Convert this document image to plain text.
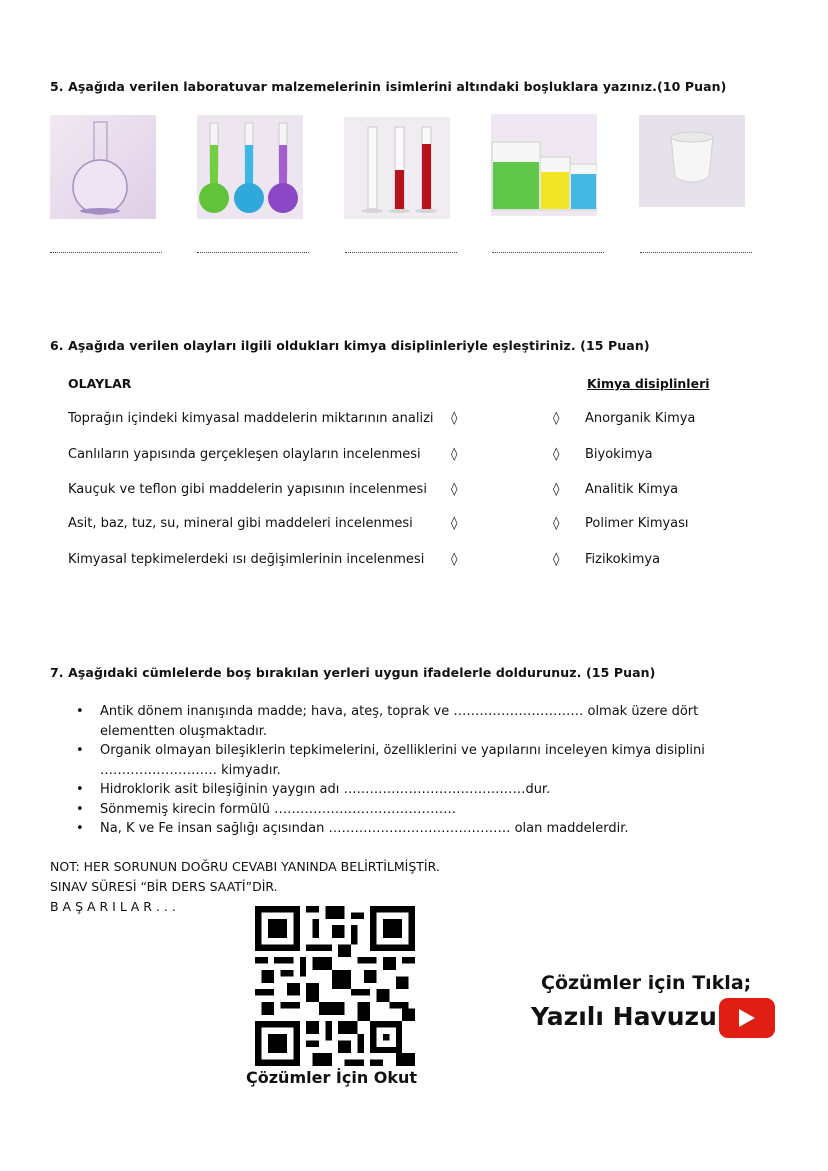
5. Aşağıda verilen laboratuvar malzemelerinin isimlerini altındaki boşluklara yazınız.(10 Puan)
6. Aşağıda verilen olayları ilgili oldukları kimya disiplinleriyle eşleştiriniz. (15 Puan)
OLAYLAR	Kimya disiplinleri
Toprağın içindeki kimyasal maddelerin miktarının analizi
Canlıların yapısında gerçekleşen olayların incelenmesi
Kauçuk ve teflon gibi maddelerin yapısının incelenmesi
Asit, baz, tuz, su, mineral gibi maddeleri incelenmesi
Kimyasal tepkimelerdeki ısı değişimlerinin incelenmesi
◊
◊
◊
◊
◊
◊
◊
◊
◊
◊
Anorganik Kimya
Biyokimya
Analitik Kimya
Polimer Kimyası
Fizikokimya
7. Aşağıdaki cümlelerde boş bırakılan yerleri uygun ifadelerle doldurunuz. (15 Puan)
• Antik dönem inanışında madde; hava, ateş, toprak ve ………………………… olmak üzere dört elementten oluşmaktadır.
• Organik olmayan bileşiklerin tepkimelerini, özelliklerini ve yapılarını inceleyen kimya disiplini ……………………… kimyadır.
• Hidroklorik asit bileşiğinin yaygın adı ……………………………………dur.
• Sönmemiş kirecin formülü ……………………………………
• Na, K ve Fe insan sağlığı açısından …………………………………… olan maddelerdir.
NOT: HER SORUNUN DOĞRU CEVABI YANINDA BELİRTİLMİŞTİR.
SINAV SÜRESİ “BİR DERS SAATİ”DİR.
B A Ş A R I L A R . . .
Çözümler İçin Okut
Çözümler için Tıkla;
Yazılı Havuzu
